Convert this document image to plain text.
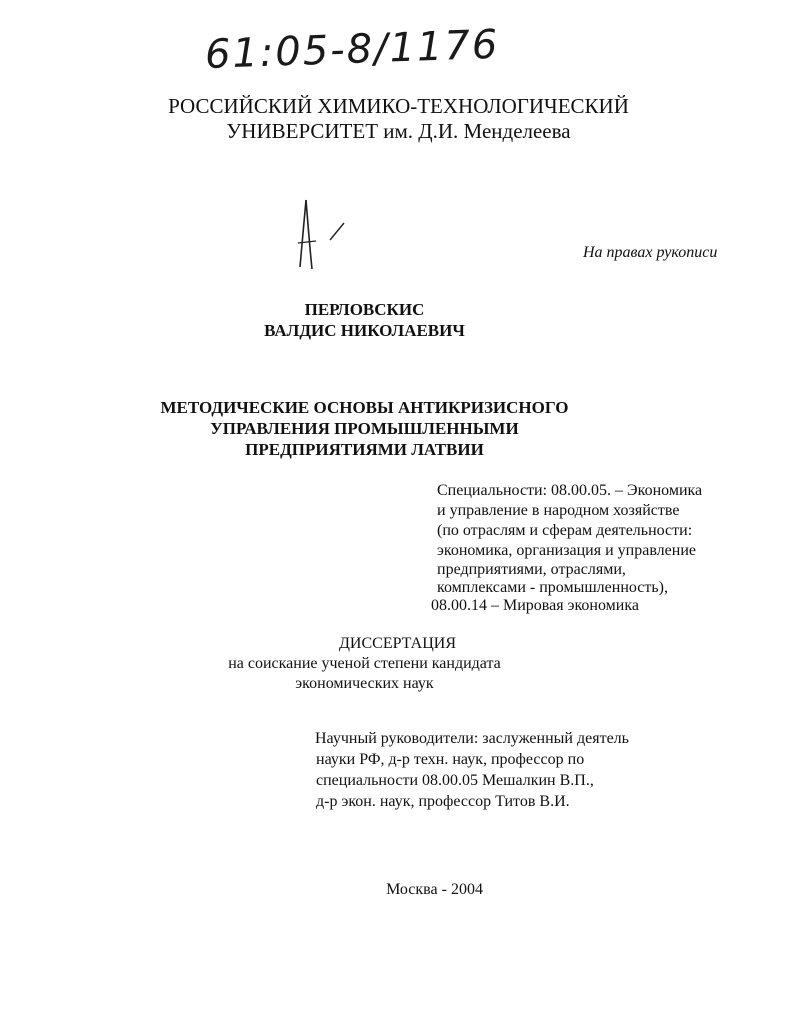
61:05-8/1176
РОССИЙСКИЙ ХИМИКО-ТЕХНОЛОГИЧЕСКИЙ
УНИВЕРСИТЕТ им. Д.И. Менделеева
На правах рукописи
ПЕРЛОВСКИС
ВАЛДИС НИКОЛАЕВИЧ
МЕТОДИЧЕСКИЕ ОСНОВЫ АНТИКРИЗИСНОГО
УПРАВЛЕНИЯ ПРОМЫШЛЕННЫМИ
ПРЕДПРИЯТИЯМИ ЛАТВИИ
Специальности: 08.00.05. – Экономика
и управление в народном хозяйстве
(по отраслям и сферам деятельности:
экономика, организация и управление
предприятиями, отраслями,
комплексами - промышленность),
08.00.14 – Мировая экономика
ДИССЕРТАЦИЯ
на соискание ученой степени кандидата
экономических наук
Научный руководители: заслуженный деятель
науки РФ, д-р техн. наук, профессор по
специальности 08.00.05 Мешалкин В.П.,
д-р экон. наук, профессор Титов В.И.
Москва - 2004
